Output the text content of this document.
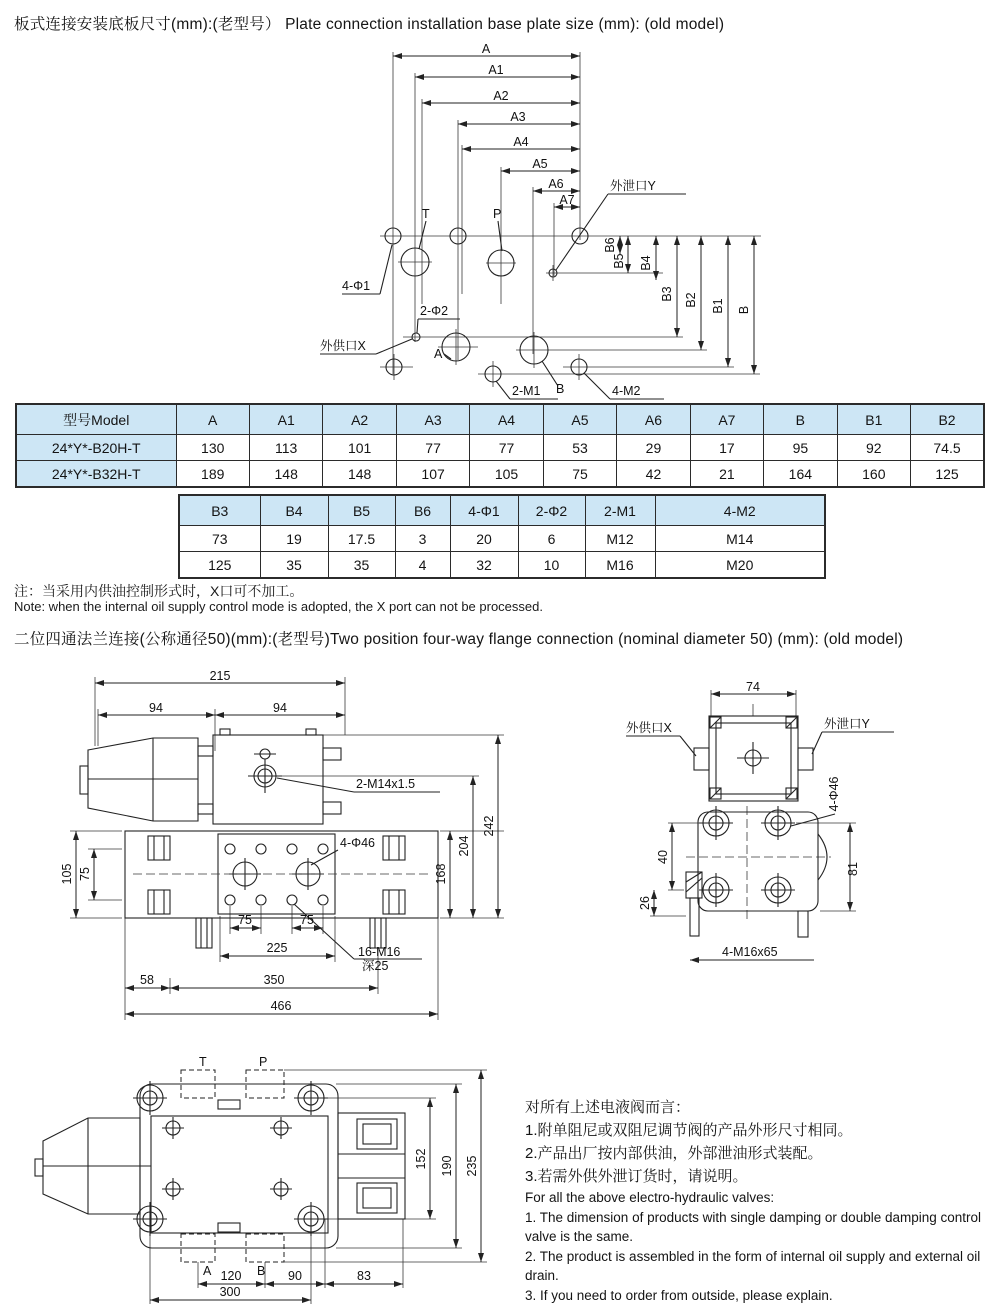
板式连接安装底板尺寸(mm):(老型号） Plate connection installation base plate size (mm): (old model)
A
A1
A2
A3
A4
A5
A6
A7
B6
B5 B4
B3 B2 B1 B
T	P
A
B
外泄口Y
外供口X
4-Φ1
2-Φ2
2-M1	4-M2
型号Model	A	A1	A2	A3	A4	A5	A6	A7	B	B1	B2
24*Y*-B20H-T	130	113	101	77	77	53	29	17	95	92	74.5
24*Y*-B32H-T	189	148	148	107	105	75	42	21	164	160	125
B3	B4	B5	B6	4-Φ1	2-Φ2	2-M1	4-M2
73	19	17.5	3	20	6	M12	M14
125	35	35	4	32	10	M16	M20
注：当采用内供油控制形式时，X口可不加工。
Note: when the internal oil supply control mode is adopted, the X port can not be processed.
二位四通法兰连接(公称通径50)(mm):(老型号)Two position four-way flange connection (nominal diameter 50) (mm): (old model)
215
94	94
2-M14x1.5
4-Φ46
105 75	168
204
242
75	75
225	16-M16
深25
58	350
466
74
外供口X	外泄口Y
4-Φ46
40
26
81
4-M16x65
T	P
A	B
152 190 235
120	90	83
300
对所有上述电液阀而言：
1.附单阻尼或双阻尼调节阀的产品外形尺寸相同。
2.产品出厂按内部供油，外部泄油形式装配。
3.若需外供外泄订货时，请说明。
For all the above electro-hydraulic valves:
1. The dimension of products with single damping or double damping control valve is the same.
2. The product is assembled in the form of internal oil supply and external oil drain.
3. If you need to order from outside, please explain.
